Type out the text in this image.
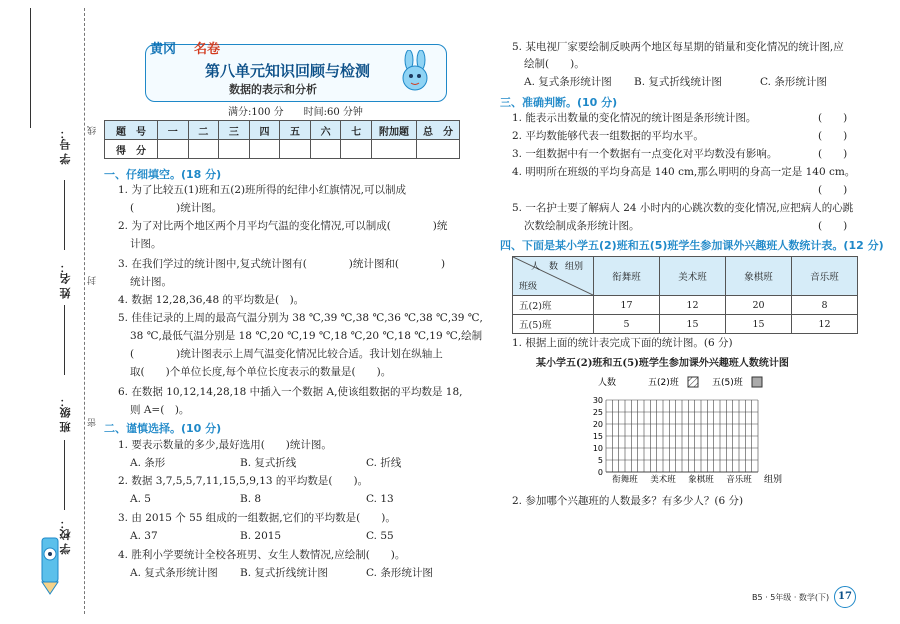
学 号： 线
姓 名： 封
班 级： 密
学 校：
黄冈 名卷
第八单元知识回顾与检测
数据的表示和分析
满分:100 分　　时间:60 分钟
题　号	一	二	三	四	五	六	七	附加题	总　分
得　分									
一、仔细填空。(18 分)
1. 为了比较五(1)班和五(2)班所得的纪律小红旗情况,可以制成
(　　　　)统计图。
2. 为了对比两个地区两个月平均气温的变化情况,可以制成(　　　　)统
计图。
3. 在我们学过的统计图中,复式统计图有(　　　　)统计图和(　　　　)
统计图。
4. 数据 12,28,36,48 的平均数是(　)。
5. 佳佳记录的上周的最高气温分别为 38 ℃,39 ℃,38 ℃,36 ℃,38 ℃,39 ℃,
38 ℃,最低气温分别是 18 ℃,20 ℃,19 ℃,18 ℃,20 ℃,18 ℃,19 ℃,绘制
(　　　　)统计图表示上周气温变化情况比较合适。我计划在纵轴上
取(　　)个单位长度,每个单位长度表示的数量是(　　)。
6. 在数据 10,12,14,28,18 中插入一个数据 A,使该组数据的平均数是 18,
则 A=(　)。
二、谨慎选择。(10 分)
1. 要表示数量的多少,最好选用(　　)统计图。
A. 条形	B. 复式折线	C. 折线
2. 数据 3,7,5,5,7,11,15,5,9,13 的平均数是(　　)。
A. 5	B. 8	C. 13
3. 由 2015 个 55 组成的一组数据,它们的平均数是(　　)。
A. 37	B. 2015	C. 55
4. 胜利小学要统计全校各班男、女生人数情况,应绘制(　　)。
A. 复式条形统计图 B. 复式折线统计图	C. 条形统计图
5. 某电视厂家要绘制反映两个地区每星期的销量和变化情况的统计图,应
绘制(　　)。
A. 复式条形统计图 B. 复式折线统计图	C. 条形统计图
三、准确判断。(10 分)
1. 能表示出数量的变化情况的统计图是条形统计图。	(　　)
2. 平均数能够代表一组数据的平均水平。	(　　)
3. 一组数据中有一个数据有一点变化对平均数没有影响。	(　　)
4. 明明所在班级的平均身高是 140 cm,那么明明的身高一定是 140 cm。
(　　)
5. 一名护士要了解病人 24 小时内的心跳次数的变化情况,应把病人的心跳
次数绘制成条形统计图。	(　　)
四、下面是某小学五(2)班和五(5)班学生参加课外兴趣班人数统计表。(12 分)
人　数 组别
班级	衔舞班	美术班	象棋班	音乐班
五(2)班	17	12	20	8
五(5)班	5	15	15	12
1. 根据上面的统计表完成下面的统计图。(6 分)
某小学五(2)班和五(5)班学生参加课外兴趣班人数统计图
人数
0
5
10
15
20
25
30
衔舞班 美术班 象棋班 音乐班 组别
五(2)班	五(5)班
2. 参加哪个兴趣班的人数最多？有多少人？(6 分)
B5 · 5年级 · 数学(下) 17
